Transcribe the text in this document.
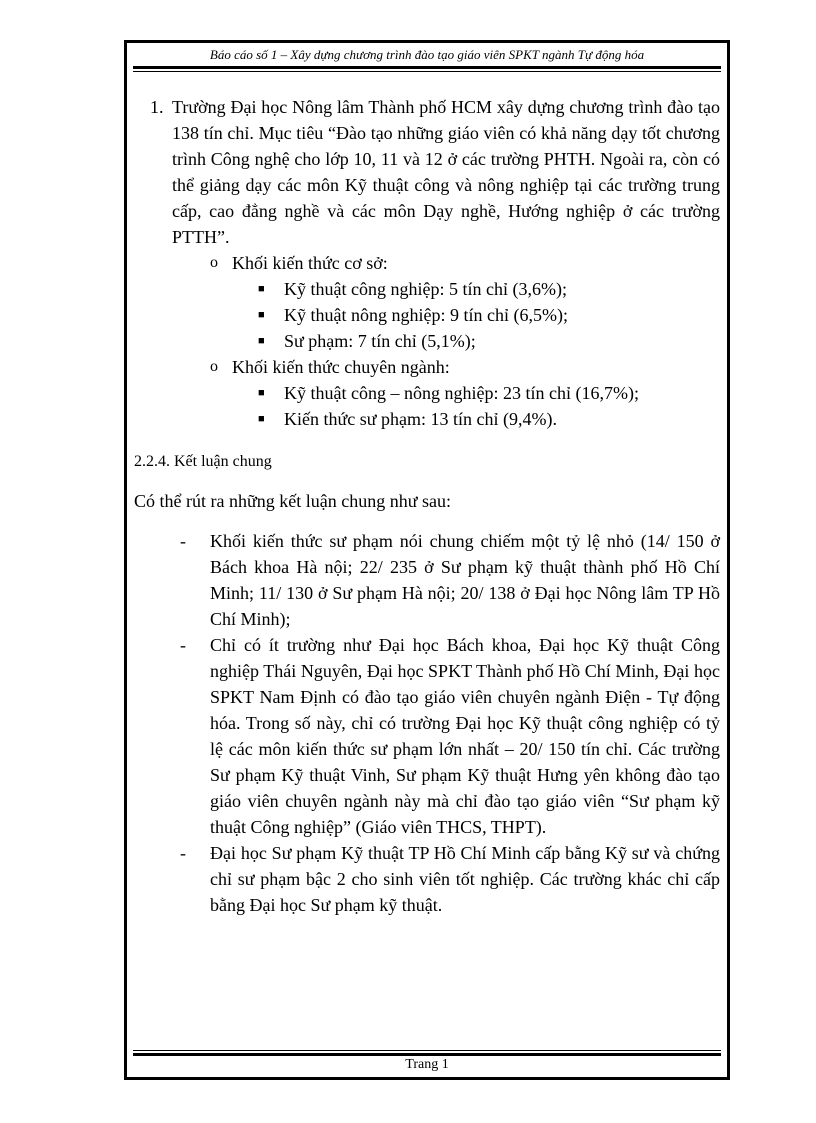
Báo cáo số 1 – Xây dựng chương trình đào tạo giáo viên SPKT ngành Tự động hóa
1. Trường Đại học Nông lâm Thành phố HCM xây dựng chương trình đào tạo 138 tín chỉ. Mục tiêu “Đào tạo những giáo viên có khả năng dạy tốt chương trình Công nghệ cho lớp 10, 11 và 12 ở các trường PHTH. Ngoài ra, còn có thể giảng dạy các môn Kỹ thuật công và nông nghiệp tại các trường trung cấp, cao đẳng nghề và các môn Dạy nghề, Hướng nghiệp ở các trường PTTH”.
o Khối kiến thức cơ sở:
■	Kỹ thuật công nghiệp: 5 tín chỉ (3,6%);
■	Kỹ thuật nông nghiệp: 9 tín chỉ (6,5%);
■	Sư phạm: 7 tín chỉ (5,1%);
o Khối kiến thức chuyên ngành:
■	Kỹ thuật công – nông nghiệp: 23 tín chỉ (16,7%);
■	Kiến thức sư phạm: 13 tín chỉ (9,4%).
2.2.4. Kết luận chung
Có thể rút ra những kết luận chung như sau:
-	Khối kiến thức sư phạm nói chung chiếm một tỷ lệ nhỏ (14/ 150 ở Bách khoa Hà nội; 22/ 235 ở Sư phạm kỹ thuật thành phố Hồ Chí Minh; 11/ 130 ở Sư phạm Hà nội; 20/ 138 ở Đại học Nông lâm TP Hồ Chí Minh);
-	Chỉ có ít trường như Đại học Bách khoa, Đại học Kỹ thuật Công nghiệp Thái Nguyên, Đại học SPKT Thành phố Hồ Chí Minh, Đại học SPKT Nam Định có đào tạo giáo viên chuyên ngành Điện - Tự động hóa. Trong số này, chỉ có trường Đại học Kỹ thuật công nghiệp có tỷ lệ các môn kiến thức sư phạm lớn nhất – 20/ 150 tín chỉ. Các trường Sư phạm Kỹ thuật Vinh, Sư phạm Kỹ thuật Hưng yên không đào tạo giáo viên chuyên ngành này mà chỉ đào tạo giáo viên “Sư phạm kỹ thuật Công nghiệp” (Giáo viên THCS, THPT).
-	Đại học Sư phạm Kỹ thuật TP Hồ Chí Minh cấp bằng Kỹ sư và chứng chỉ sư phạm bậc 2 cho sinh viên tốt nghiệp. Các trường khác chỉ cấp bằng Đại học Sư phạm kỹ thuật.
Trang 1
